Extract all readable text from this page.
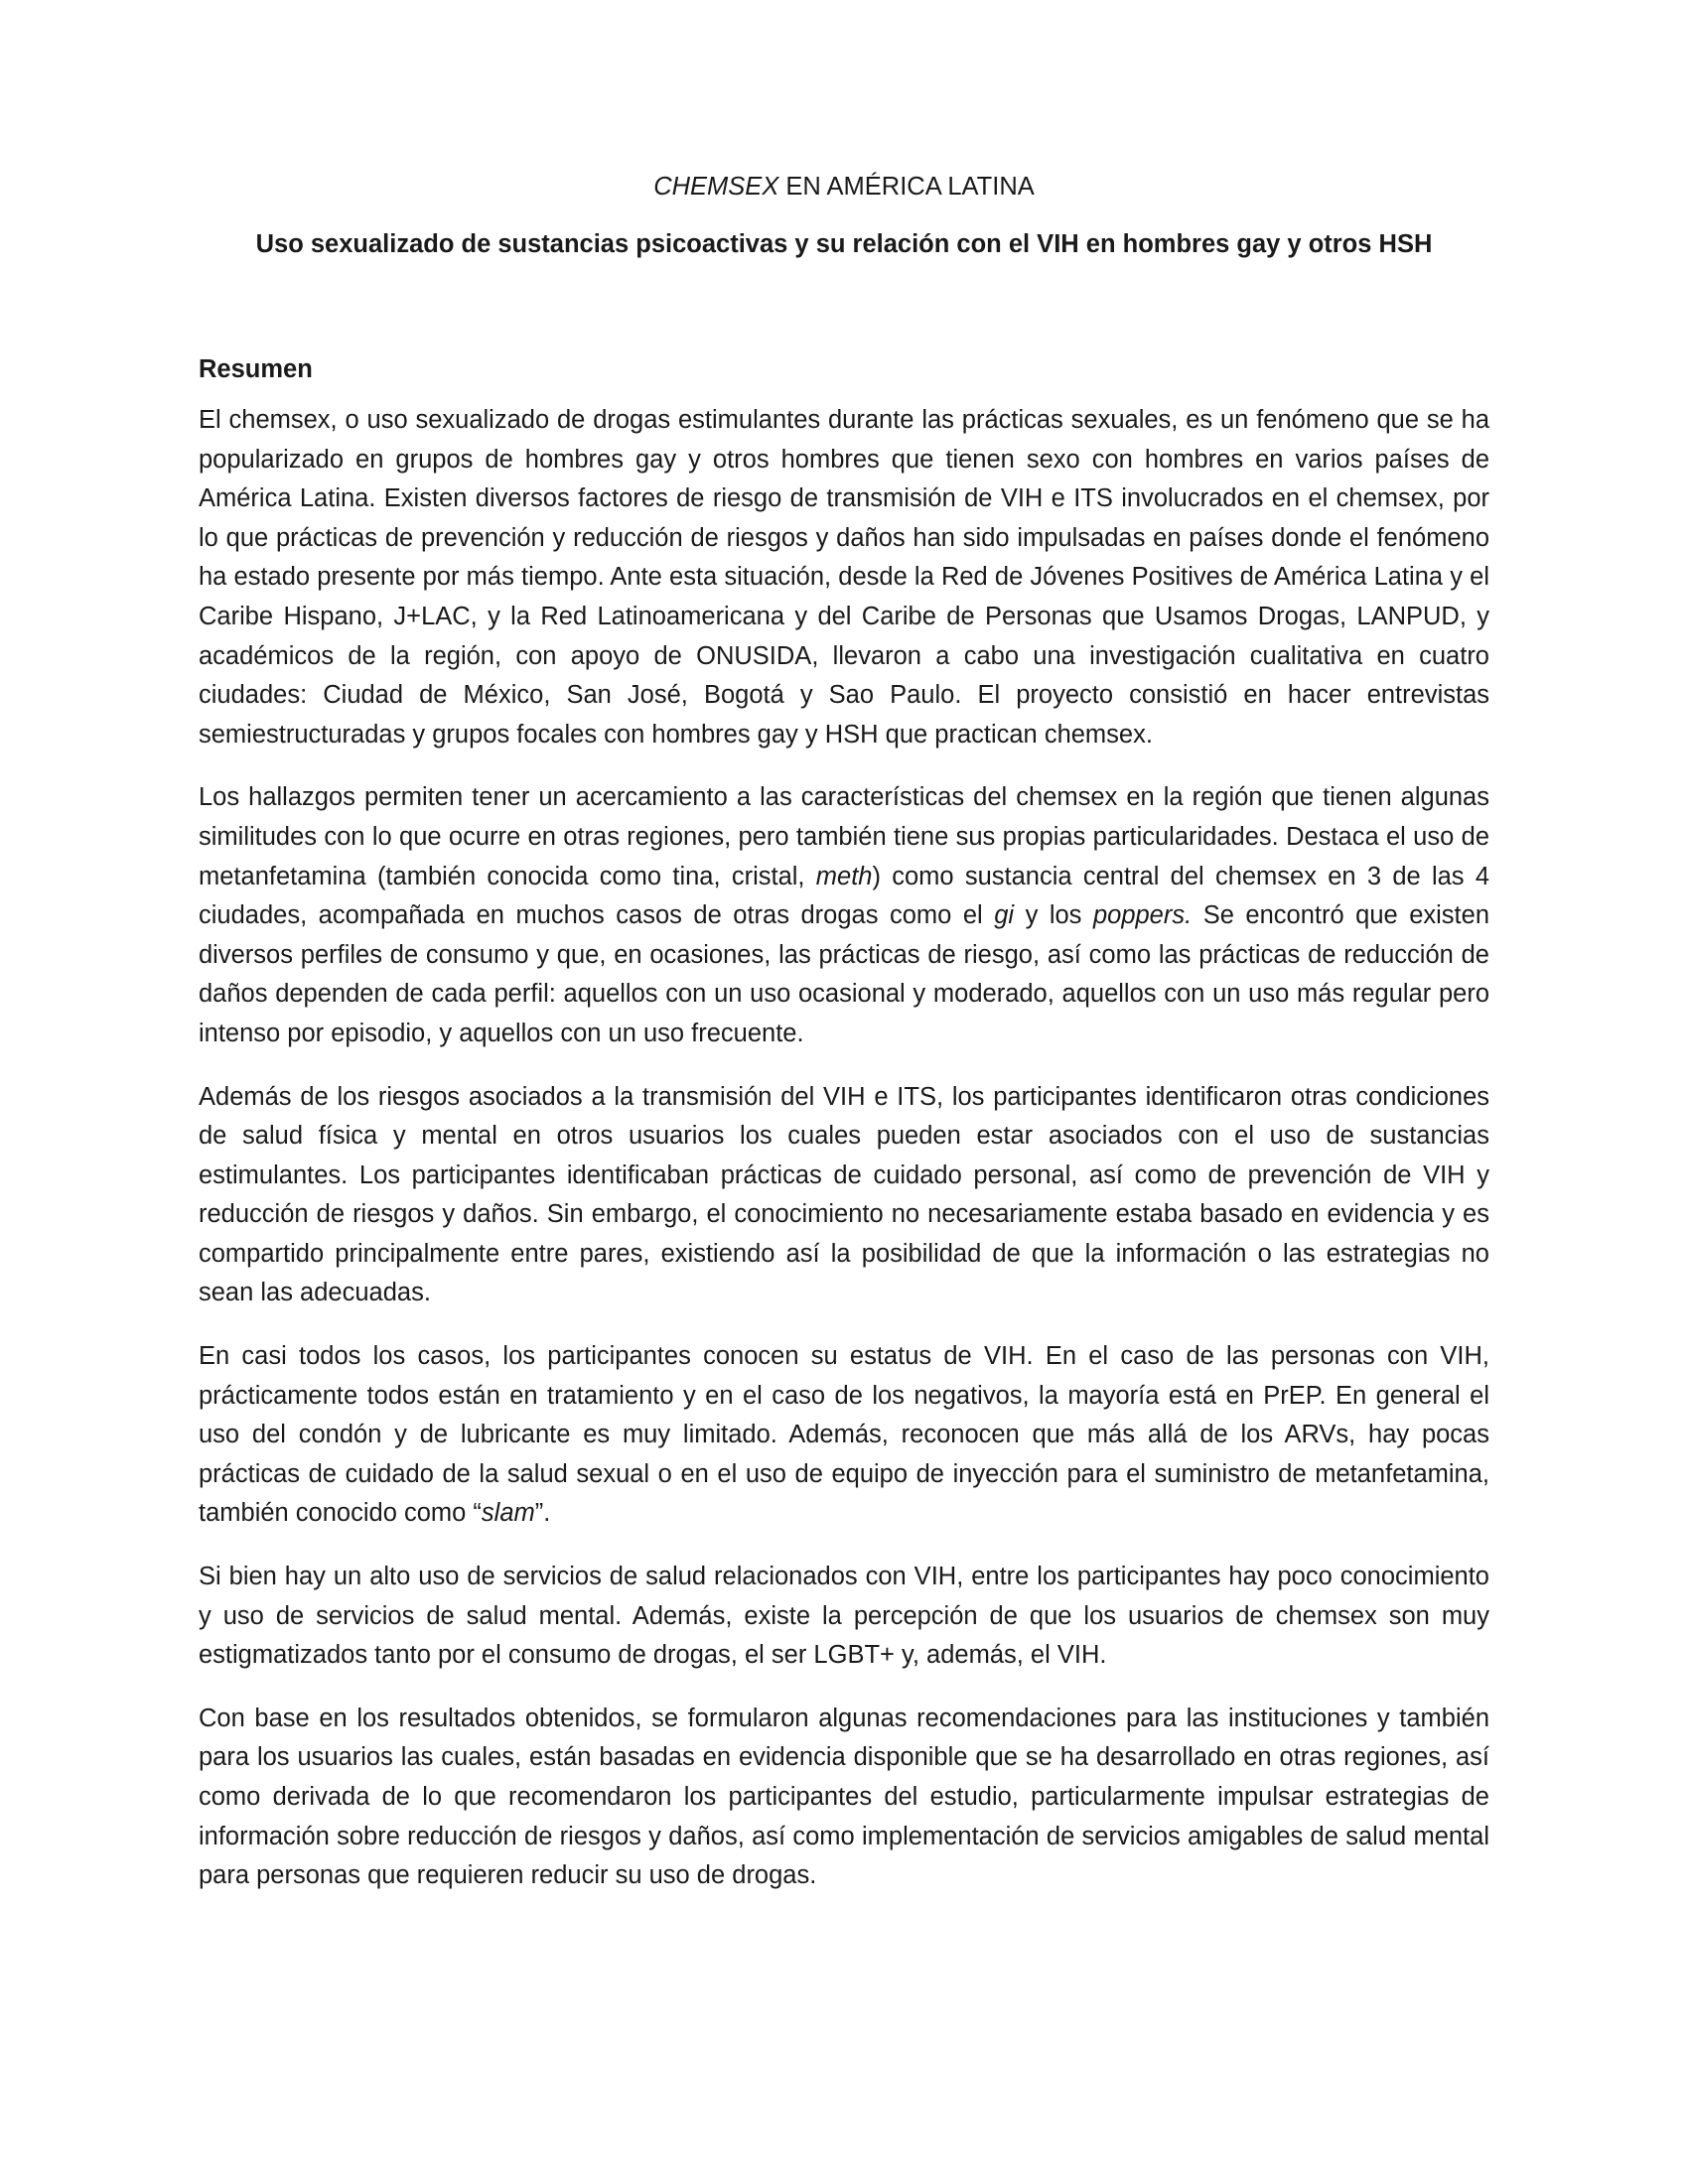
CHEMSEX EN AMÉRICA LATINA
Uso sexualizado de sustancias psicoactivas y su relación con el VIH en hombres gay y otros HSH
Resumen

El chemsex, o uso sexualizado de drogas estimulantes durante las prácticas sexuales, es un fenómeno que se ha popularizado en grupos de hombres gay y otros hombres que tienen sexo con hombres en varios países de América Latina. Existen diversos factores de riesgo de transmisión de VIH e ITS involucrados en el chemsex, por lo que prácticas de prevención y reducción de riesgos y daños han sido impulsadas en países donde el fenómeno ha estado presente por más tiempo. Ante esta situación, desde la Red de Jóvenes Positives de América Latina y el Caribe Hispano, J+LAC, y la Red Latinoamericana y del Caribe de Personas que Usamos Drogas, LANPUD, y académicos de la región, con apoyo de ONUSIDA, llevaron a cabo una investigación cualitativa en cuatro ciudades: Ciudad de México, San José, Bogotá y Sao Paulo. El proyecto consistió en hacer entrevistas semiestructuradas y grupos focales con hombres gay y HSH que practican chemsex.

Los hallazgos permiten tener un acercamiento a las características del chemsex en la región que tienen algunas similitudes con lo que ocurre en otras regiones, pero también tiene sus propias particularidades. Destaca el uso de metanfetamina (también conocida como tina, cristal, meth) como sustancia central del chemsex en 3 de las 4 ciudades, acompañada en muchos casos de otras drogas como el gi y los poppers. Se encontró que existen diversos perfiles de consumo y que, en ocasiones, las prácticas de riesgo, así como las prácticas de reducción de daños dependen de cada perfil: aquellos con un uso ocasional y moderado, aquellos con un uso más regular pero intenso por episodio, y aquellos con un uso frecuente.

Además de los riesgos asociados a la transmisión del VIH e ITS, los participantes identificaron otras condiciones de salud física y mental en otros usuarios los cuales pueden estar asociados con el uso de sustancias estimulantes. Los participantes identificaban prácticas de cuidado personal, así como de prevención de VIH y reducción de riesgos y daños. Sin embargo, el conocimiento no necesariamente estaba basado en evidencia y es compartido principalmente entre pares, existiendo así la posibilidad de que la información o las estrategias no sean las adecuadas.

En casi todos los casos, los participantes conocen su estatus de VIH. En el caso de las personas con VIH, prácticamente todos están en tratamiento y en el caso de los negativos, la mayoría está en PrEP. En general el uso del condón y de lubricante es muy limitado. Además, reconocen que más allá de los ARVs, hay pocas prácticas de cuidado de la salud sexual o en el uso de equipo de inyección para el suministro de metanfetamina, también conocido como “slam”.

Si bien hay un alto uso de servicios de salud relacionados con VIH, entre los participantes hay poco conocimiento y uso de servicios de salud mental. Además, existe la percepción de que los usuarios de chemsex son muy estigmatizados tanto por el consumo de drogas, el ser LGBT+ y, además, el VIH.

Con base en los resultados obtenidos, se formularon algunas recomendaciones para las instituciones y también para los usuarios las cuales, están basadas en evidencia disponible que se ha desarrollado en otras regiones, así como derivada de lo que recomendaron los participantes del estudio, particularmente impulsar estrategias de información sobre reducción de riesgos y daños, así como implementación de servicios amigables de salud mental para personas que requieren reducir su uso de drogas.
